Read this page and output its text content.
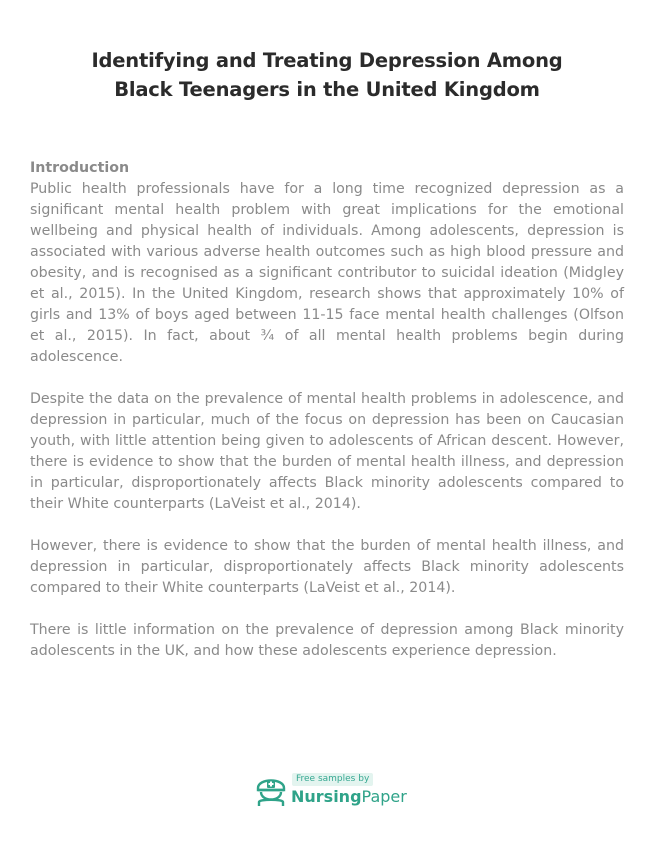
Identifying and Treating Depression Among
Black Teenagers in the United Kingdom

Introduction

Public health professionals have for a long time recognized depression as a significant mental health problem with great implications for the emotional wellbeing and physical health of individuals. Among adolescents, depression is associated with various adverse health outcomes such as high blood pressure and obesity, and is recognised as a significant contributor to suicidal ideation (Midgley et al., 2015). In the United Kingdom, research shows that approximately 10% of girls and 13% of boys aged between 11-15 face mental health challenges (Olfson et al., 2015). In fact, about ¾ of all mental health problems begin during adolescence.

Despite the data on the prevalence of mental health problems in adolescence, and depression in particular, much of the focus on depression has been on Caucasian youth, with little attention being given to adolescents of African descent. However, there is evidence to show that the burden of mental health illness, and depression in particular, disproportionately affects Black minority adolescents compared to their White counterparts (LaVeist et al., 2014).

However, there is evidence to show that the burden of mental health illness, and depression in particular, disproportionately affects Black minority adolescents compared to their White counterparts (LaVeist et al., 2014).

There is little information on the prevalence of depression among Black minority adolescents in the UK, and how these adolescents experience depression.

Free samples by
NursingPaper
